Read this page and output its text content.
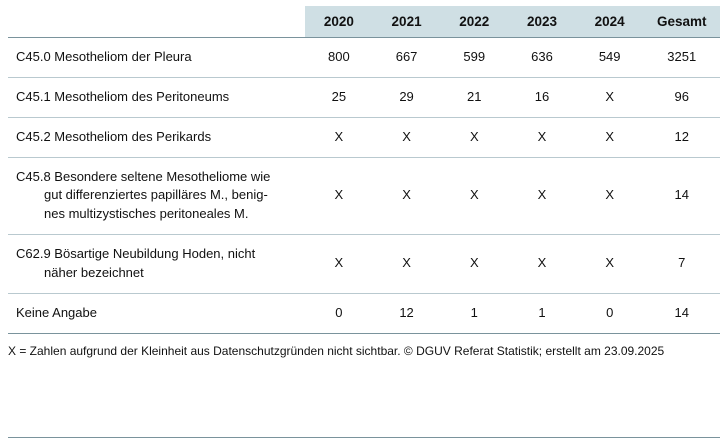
	2020	2021	2022	2023	2024	Gesamt

C45.0 Mesotheliom der Pleura	800	667	599	636	549	3251

C45.1 Mesotheliom des Peritoneums	25	29	21	16	X	96

C45.2 Mesotheliom des Perikards	X	X	X	X	X	12

C45.8 Besondere seltene Mesotheliome wie
gut differenziertes papilläres M., benig-
nes multizystisches peritoneales M.	X	X	X	X	X	14

C62.9 Bösartige Neubildung Hoden, nicht
näher bezeichnet	X	X	X	X	X	7

Keine Angabe	0	12	1	1	0	14

X = Zahlen aufgrund der Kleinheit aus Datenschutzgründen nicht sichtbar. © DGUV Referat Statistik; erstellt am 23.09.2025
